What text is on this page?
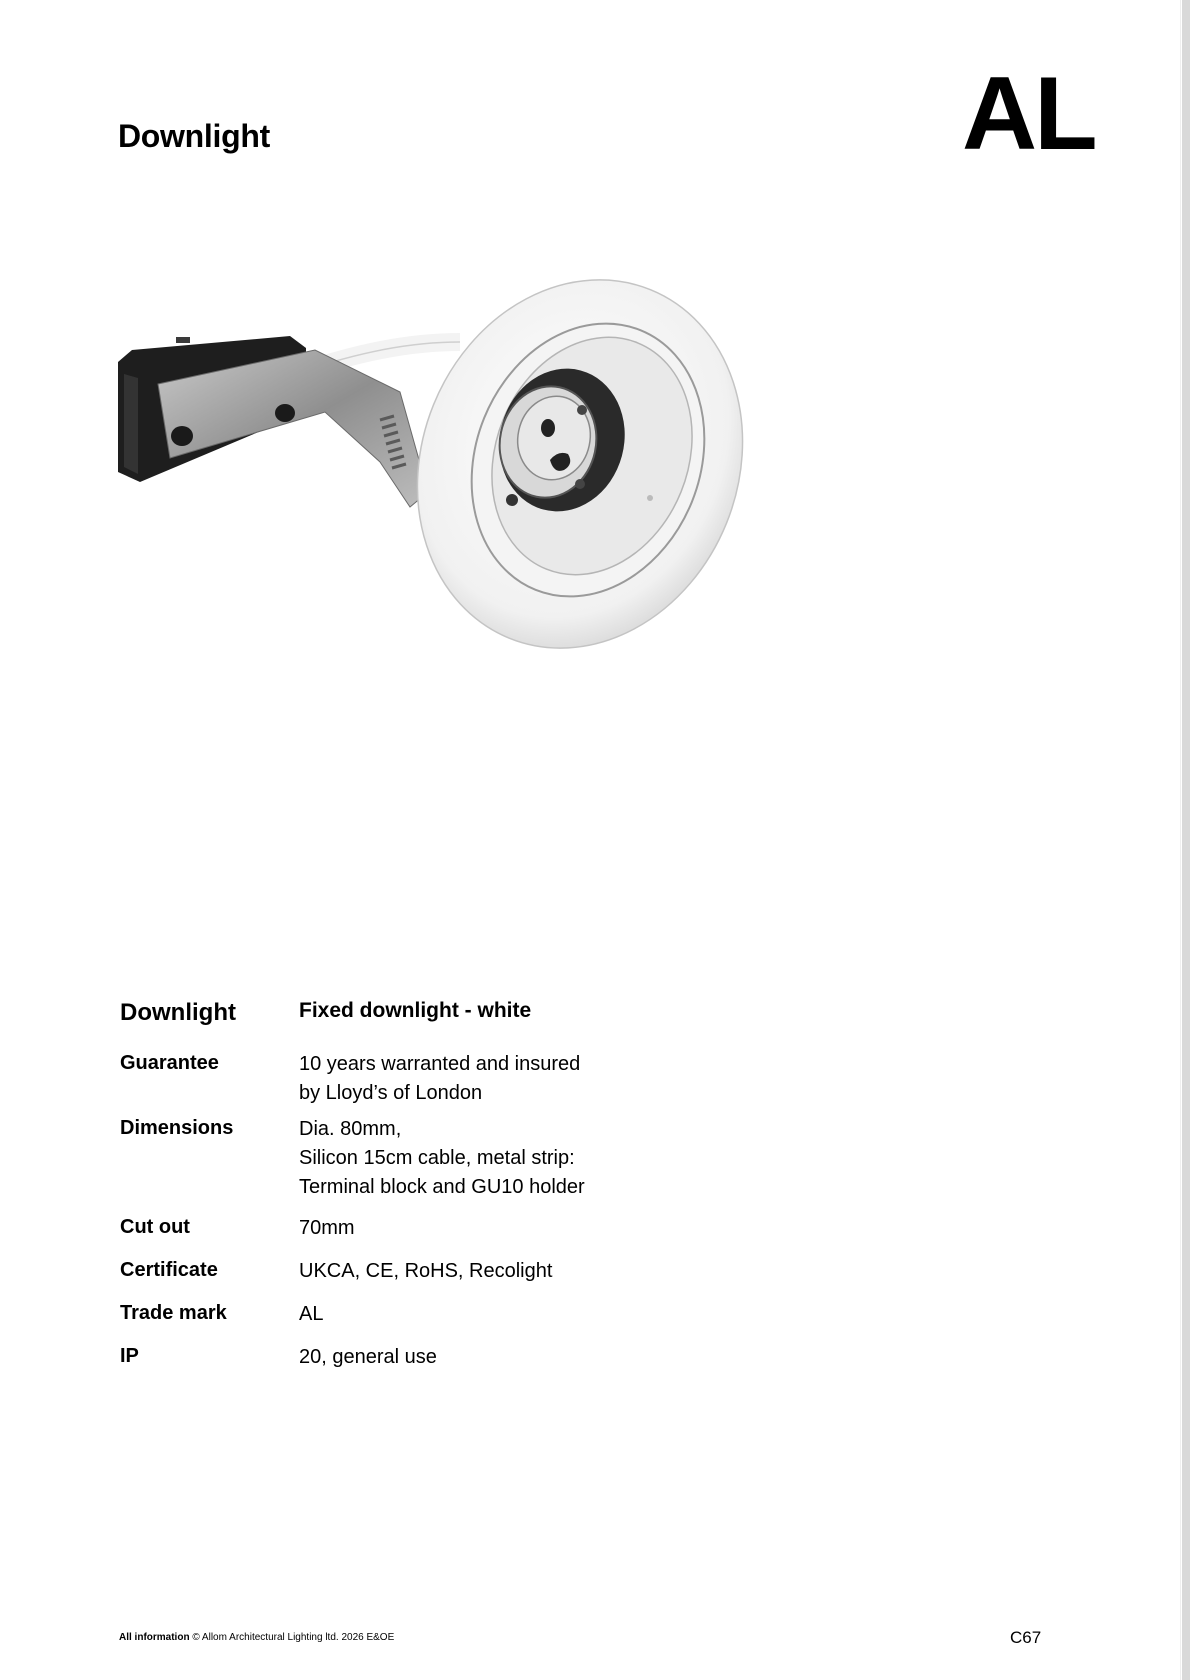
Downlight	AL
Downlight	Fixed downlight - white
Guarantee	10 years warranted and insured
by Lloyd’s of London

Dimensions	Dia. 80mm,
Silicon 15cm cable, metal strip:
Terminal block and GU10 holder

Cut out	70mm

Certificate	UKCA, CE, RoHS, Recolight

Trade mark	AL

IP	20, general use
All information © Allom Architectural Lighting ltd. 2026 E&OE	C67
